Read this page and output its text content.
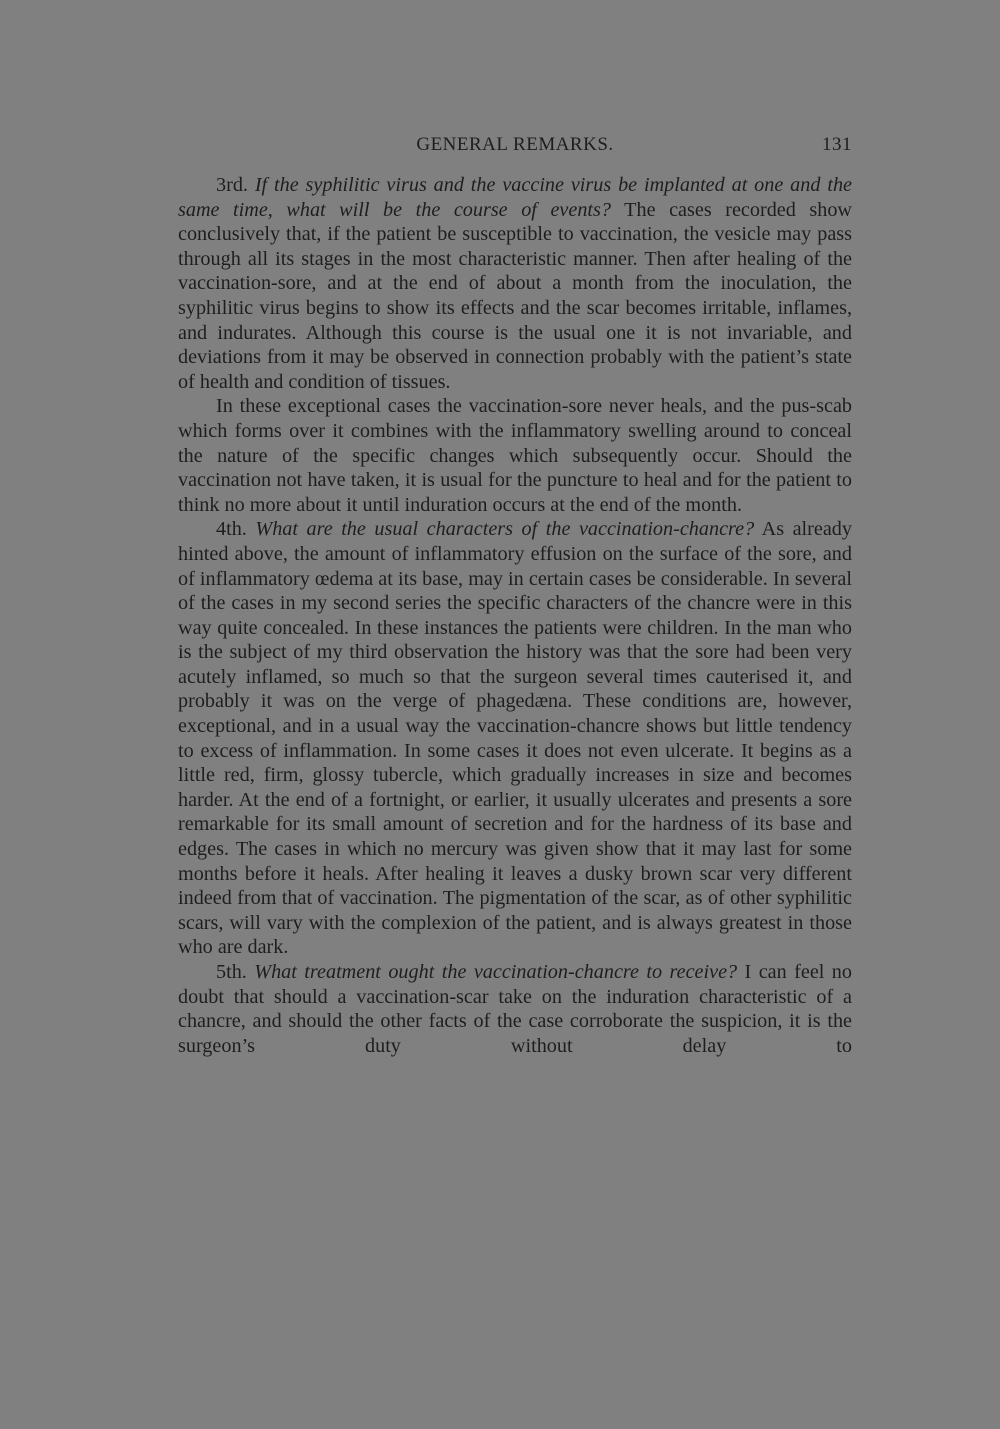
GENERAL REMARKS.	131

3rd. If the syphilitic virus and the vaccine virus be implanted at one and the same time, what will be the course of events? The cases recorded show conclusively that, if the patient be susceptible to vaccination, the vesicle may pass through all its stages in the most characteristic manner. Then after healing of the vaccination-sore, and at the end of about a month from the inoculation, the syphilitic virus begins to show its effects and the scar becomes irritable, inflames, and indurates. Although this course is the usual one it is not invariable, and deviations from it may be observed in connection probably with the patient’s state of health and condition of tissues.

In these exceptional cases the vaccination-sore never heals, and the pus-scab which forms over it combines with the inflammatory swelling around to conceal the nature of the specific changes which subsequently occur. Should the vaccination not have taken, it is usual for the puncture to heal and for the patient to think no more about it until induration occurs at the end of the month.

4th. What are the usual characters of the vaccination-chancre? As already hinted above, the amount of inflammatory effusion on the surface of the sore, and of inflammatory œdema at its base, may in certain cases be considerable. In several of the cases in my second series the specific characters of the chancre were in this way quite concealed. In these instances the patients were children. In the man who is the subject of my third observation the history was that the sore had been very acutely inflamed, so much so that the surgeon several times cauterised it, and probably it was on the verge of phagedæna. These conditions are, however, exceptional, and in a usual way the vaccination-chancre shows but little tendency to excess of inflammation. In some cases it does not even ulcerate. It begins as a little red, firm, glossy tubercle, which gradually increases in size and becomes harder. At the end of a fortnight, or earlier, it usually ulcerates and presents a sore remarkable for its small amount of secretion and for the hardness of its base and edges. The cases in which no mercury was given show that it may last for some months before it heals. After healing it leaves a dusky brown scar very different indeed from that of vaccination. The pigmentation of the scar, as of other syphilitic scars, will vary with the complexion of the patient, and is always greatest in those who are dark.

5th. What treatment ought the vaccination-chancre to receive? I can feel no doubt that should a vaccination-scar take on the induration characteristic of a chancre, and should the other facts of the case corroborate the suspicion, it is the surgeon’s duty without delay to
